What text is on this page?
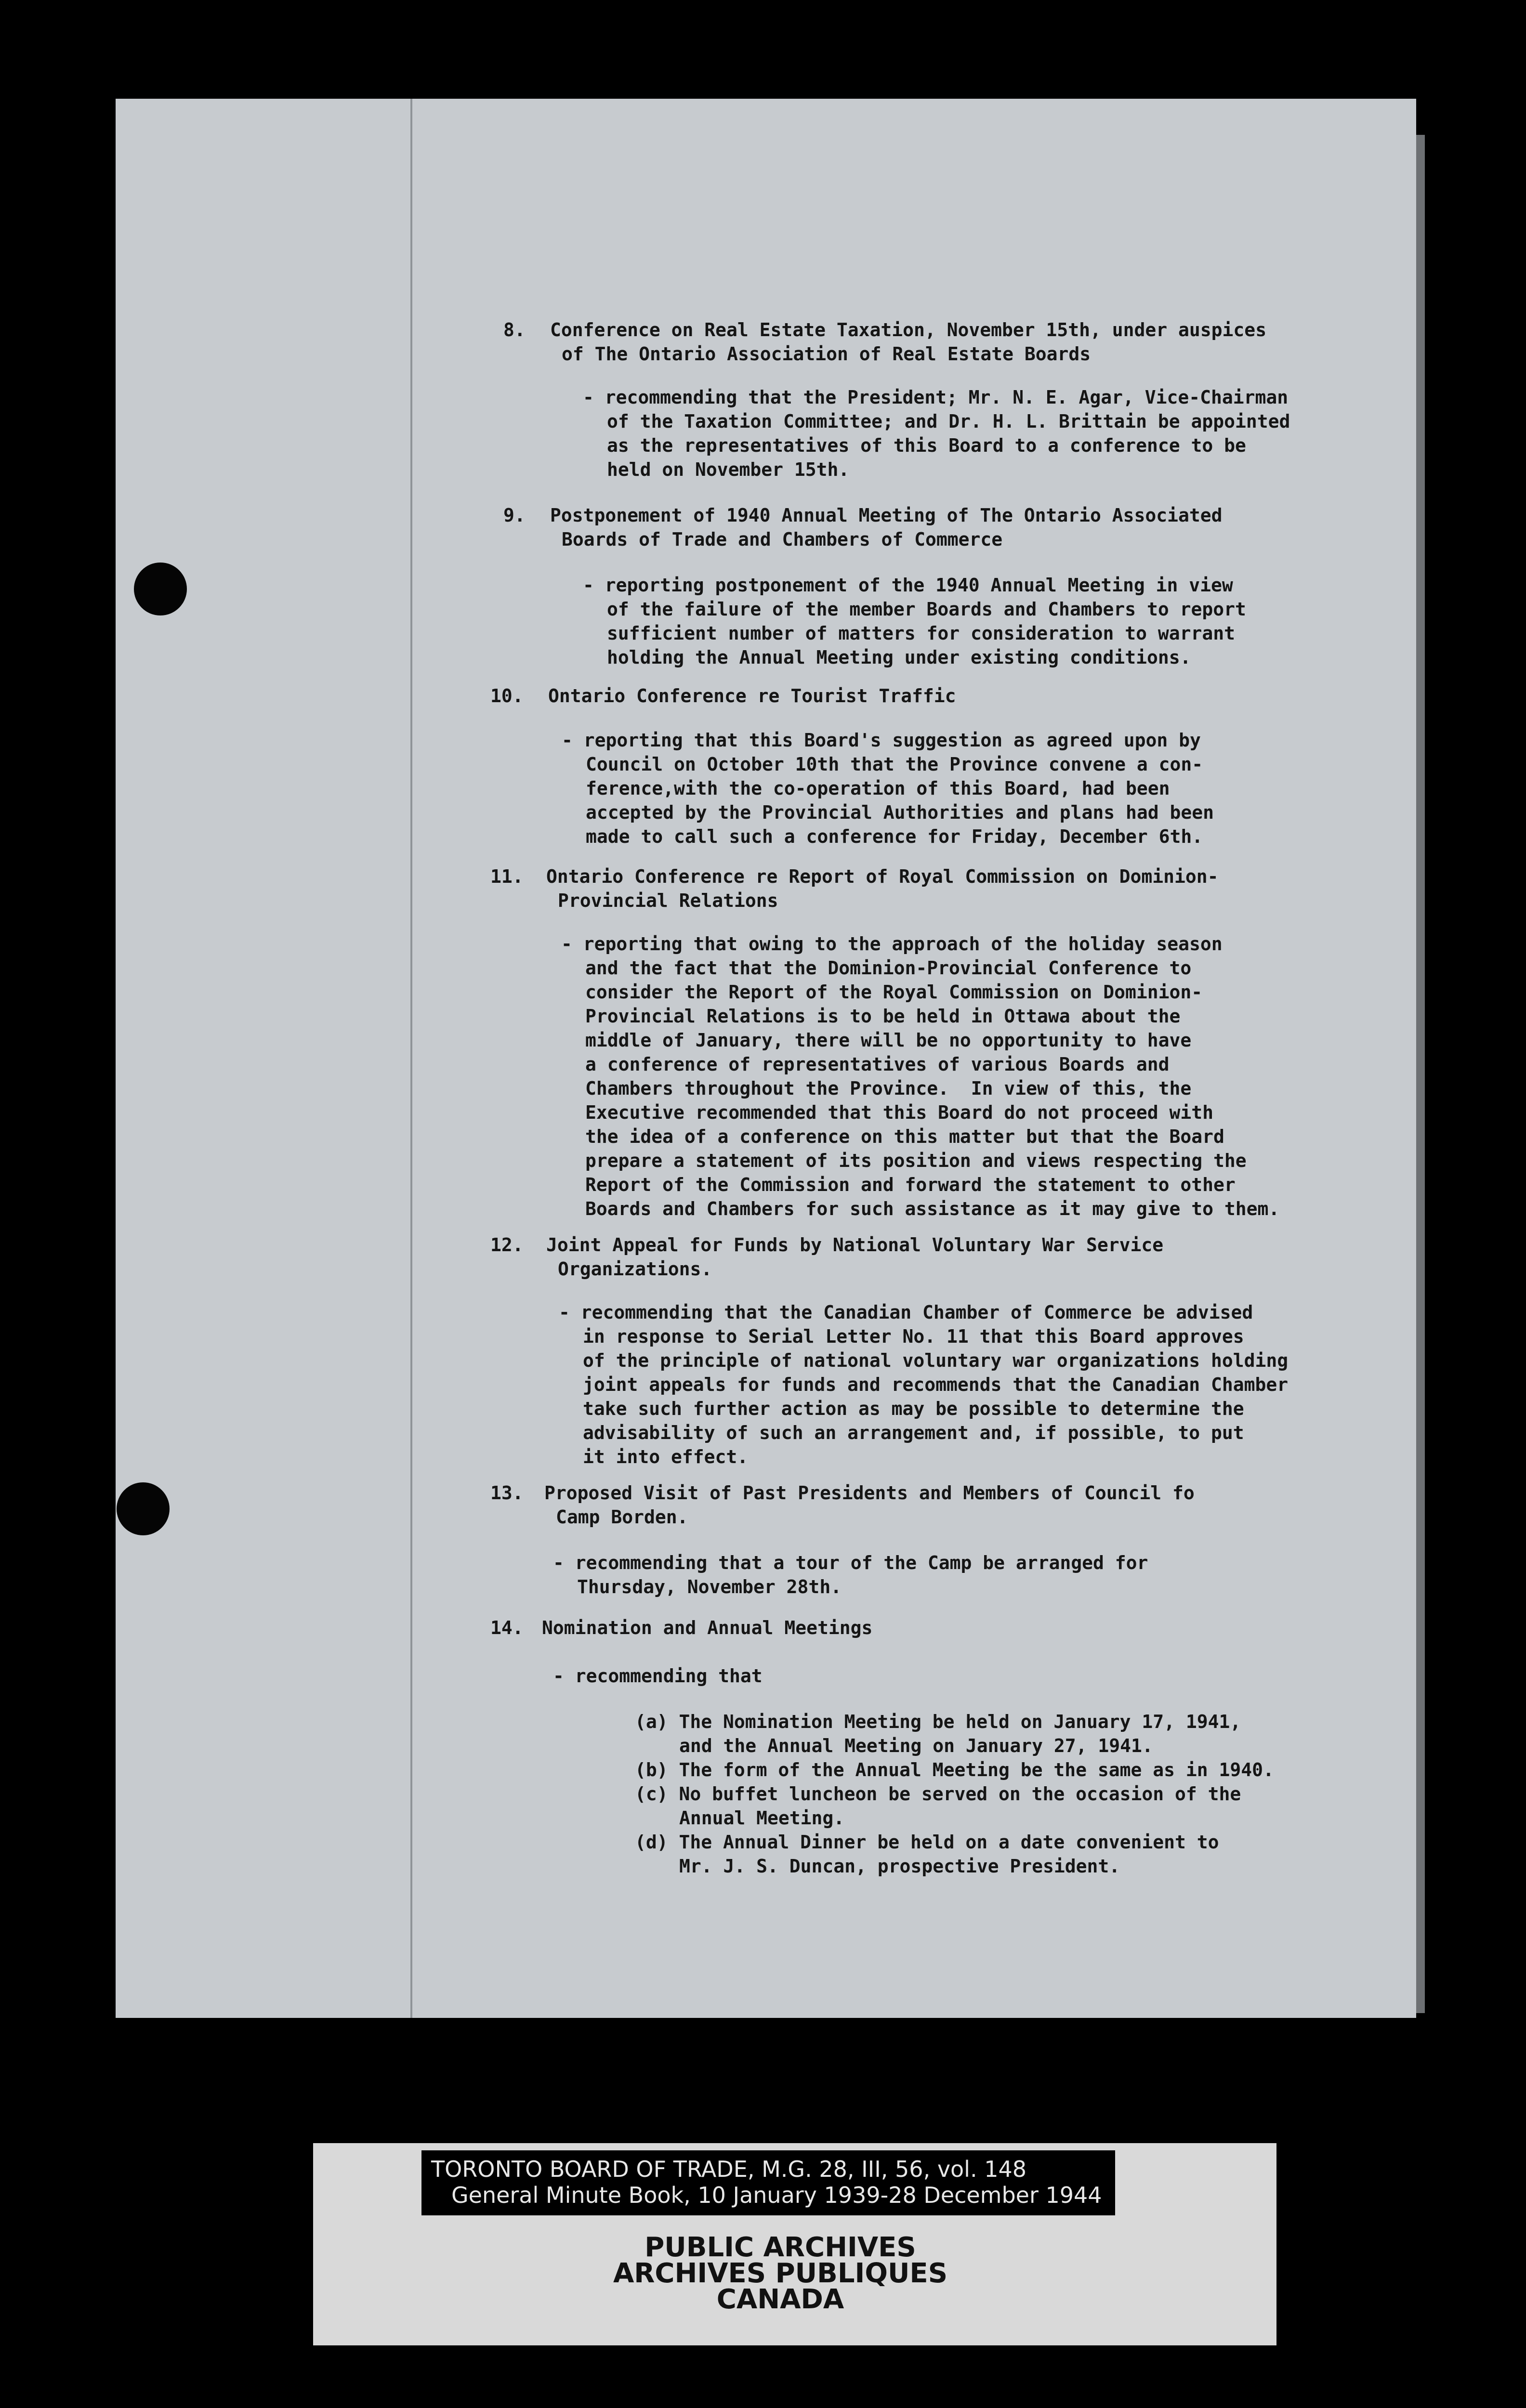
8. Conference on Real Estate Taxation, November 15th, under auspices
of The Ontario Association of Real Estate Boards
- recommending that the President; Mr. N. E. Agar, Vice-Chairman
of the Taxation Committee; and Dr. H. L. Brittain be appointed
as the representatives of this Board to a conference to be
held on November 15th.
9. Postponement of 1940 Annual Meeting of The Ontario Associated
Boards of Trade and Chambers of Commerce
- reporting postponement of the 1940 Annual Meeting in view
of the failure of the member Boards and Chambers to report
sufficient number of matters for consideration to warrant
holding the Annual Meeting under existing conditions.
10. Ontario Conference re Tourist Traffic
- reporting that this Board's suggestion as agreed upon by
Council on October 10th that the Province convene a con-
ference,with the co-operation of this Board, had been
accepted by the Provincial Authorities and plans had been
made to call such a conference for Friday, December 6th.
11. Ontario Conference re Report of Royal Commission on Dominion-
Provincial Relations
- reporting that owing to the approach of the holiday season
and the fact that the Dominion-Provincial Conference to
consider the Report of the Royal Commission on Dominion-
Provincial Relations is to be held in Ottawa about the
middle of January, there will be no opportunity to have
a conference of representatives of various Boards and
Chambers throughout the Province.  In view of this, the
Executive recommended that this Board do not proceed with
the idea of a conference on this matter but that the Board
prepare a statement of its position and views respecting the
Report of the Commission and forward the statement to other
Boards and Chambers for such assistance as it may give to them.
12. Joint Appeal for Funds by National Voluntary War Service
Organizations.
- recommending that the Canadian Chamber of Commerce be advised
in response to Serial Letter No. 11 that this Board approves
of the principle of national voluntary war organizations holding
joint appeals for funds and recommends that the Canadian Chamber
take such further action as may be possible to determine the
advisability of such an arrangement and, if possible, to put
it into effect.
13. Proposed Visit of Past Presidents and Members of Council fo
Camp Borden.
- recommending that a tour of the Camp be arranged for
Thursday, November 28th.
14. Nomination and Annual Meetings
- recommending that
(a) The Nomination Meeting be held on January 17, 1941,
and the Annual Meeting on January 27, 1941.
(b) The form of the Annual Meeting be the same as in 1940.
(c) No buffet luncheon be served on the occasion of the
Annual Meeting.
(d) The Annual Dinner be held on a date convenient to
Mr. J. S. Duncan, prospective President.
TORONTO BOARD OF TRADE, M.G. 28, III, 56, vol. 148
General Minute Book, 10 January 1939-28 December 1944
PUBLIC ARCHIVES
ARCHIVES PUBLIQUES
CANADA
